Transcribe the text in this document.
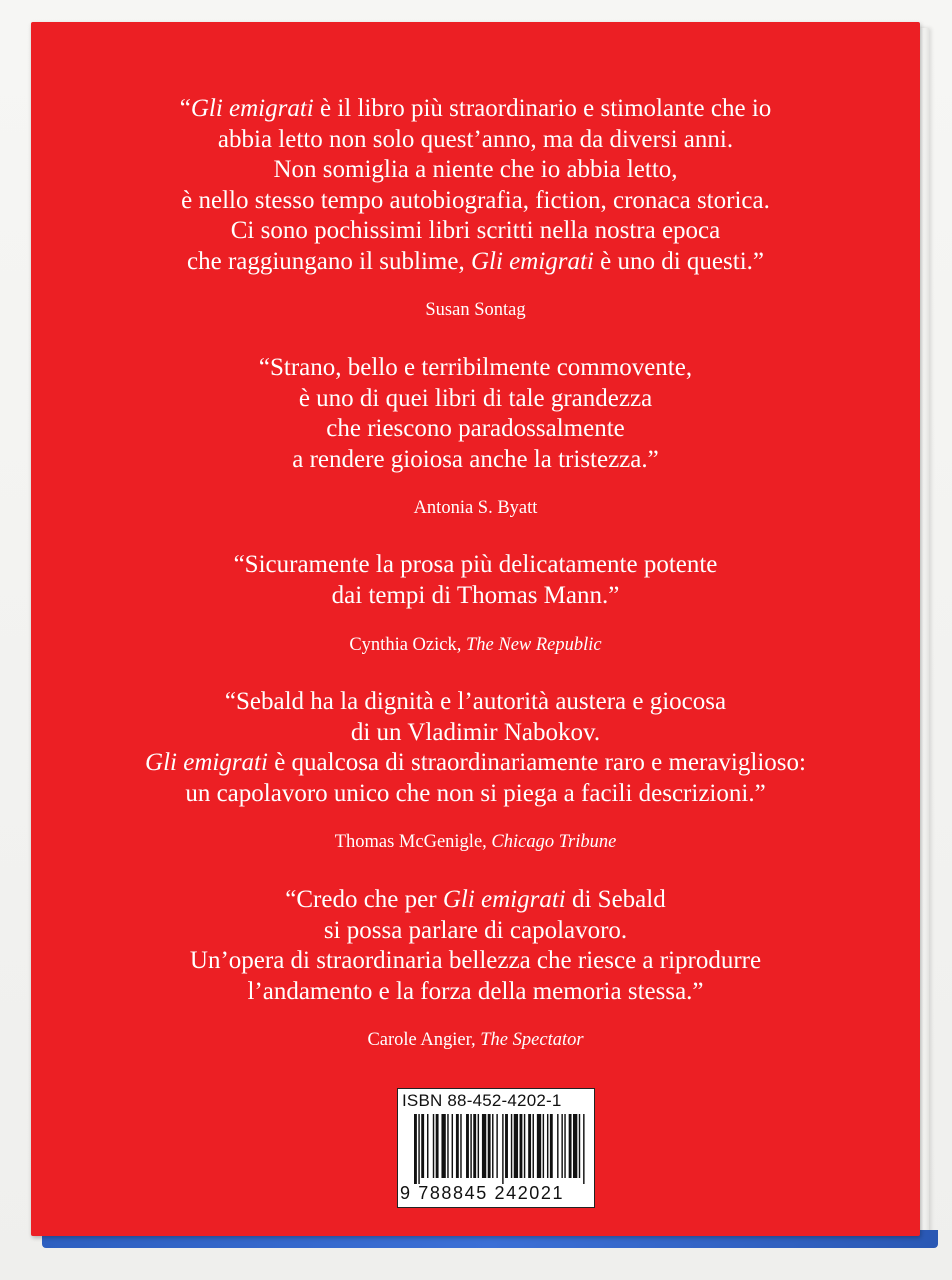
“Gli emigrati è il libro più straordinario e stimolante che io
abbia letto non solo quest’anno, ma da diversi anni.
Non somiglia a niente che io abbia letto,
è nello stesso tempo autobiografia, fiction, cronaca storica.
Ci sono pochissimi libri scritti nella nostra epoca
che raggiungano il sublime, Gli emigrati è uno di questi.”

Susan Sontag

“Strano, bello e terribilmente commovente,
è uno di quei libri di tale grandezza
che riescono paradossalmente
a rendere gioiosa anche la tristezza.”

Antonia S. Byatt

“Sicuramente la prosa più delicatamente potente
dai tempi di Thomas Mann.”

Cynthia Ozick, The New Republic

“Sebald ha la dignità e l’autorità austera e giocosa
di un Vladimir Nabokov.
Gli emigrati è qualcosa di straordinariamente raro e meraviglioso:
un capolavoro unico che non si piega a facili descrizioni.”

Thomas McGenigle, Chicago Tribune

“Credo che per Gli emigrati di Sebald
si possa parlare di capolavoro.
Un’opera di straordinaria bellezza che riesce a riprodurre
l’andamento e la forza della memoria stessa.”

Carole Angier, The Spectator

ISBN 88-452-4202-1
9 788845 242021
